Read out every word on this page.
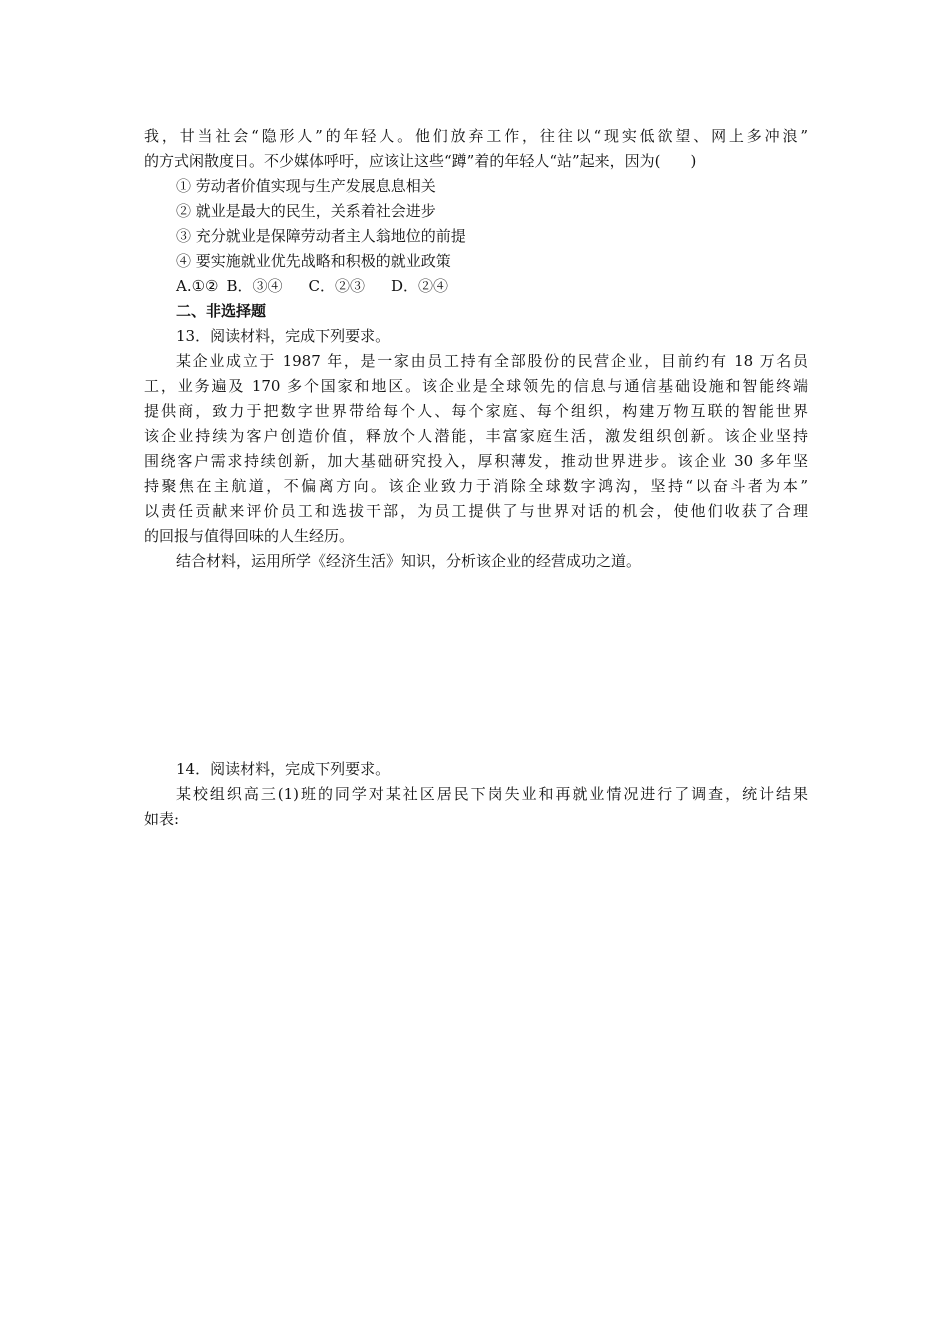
我，甘当社会“隐形人”的年轻人。他们放弃工作，往往以“现实低欲望、网上多冲浪”
的方式闲散度日。不少媒体呼吁，应该让这些“蹲”着的年轻人“站”起来，因为(　　)
① 劳动者价值实现与生产发展息息相关
② 就业是最大的民生，关系着社会进步
③ 充分就业是保障劳动者主人翁地位的前提
④ 要实施就业优先战略和积极的就业政策
A.①② B．③④ C．②③ D．②④
二、非选择题
13．阅读材料，完成下列要求。
某企业成立于 1987 年，是一家由员工持有全部股份的民营企业，目前约有 18 万名员
工，业务遍及 170 多个国家和地区。该企业是全球领先的信息与通信基础设施和智能终端
提供商，致力于把数字世界带给每个人、每个家庭、每个组织，构建万物互联的智能世界
该企业持续为客户创造价值，释放个人潜能，丰富家庭生活，激发组织创新。该企业坚持
围绕客户需求持续创新，加大基础研究投入，厚积薄发，推动世界进步。该企业 30 多年坚
持聚焦在主航道，不偏离方向。该企业致力于消除全球数字鸿沟，坚持“以奋斗者为本”
以责任贡献来评价员工和选拔干部，为员工提供了与世界对话的机会，使他们收获了合理
的回报与值得回味的人生经历。
结合材料，运用所学《经济生活》知识，分析该企业的经营成功之道。
14．阅读材料，完成下列要求。
某校组织高三(1)班的同学对某社区居民下岗失业和再就业情况进行了调查，统计结果
如表:
